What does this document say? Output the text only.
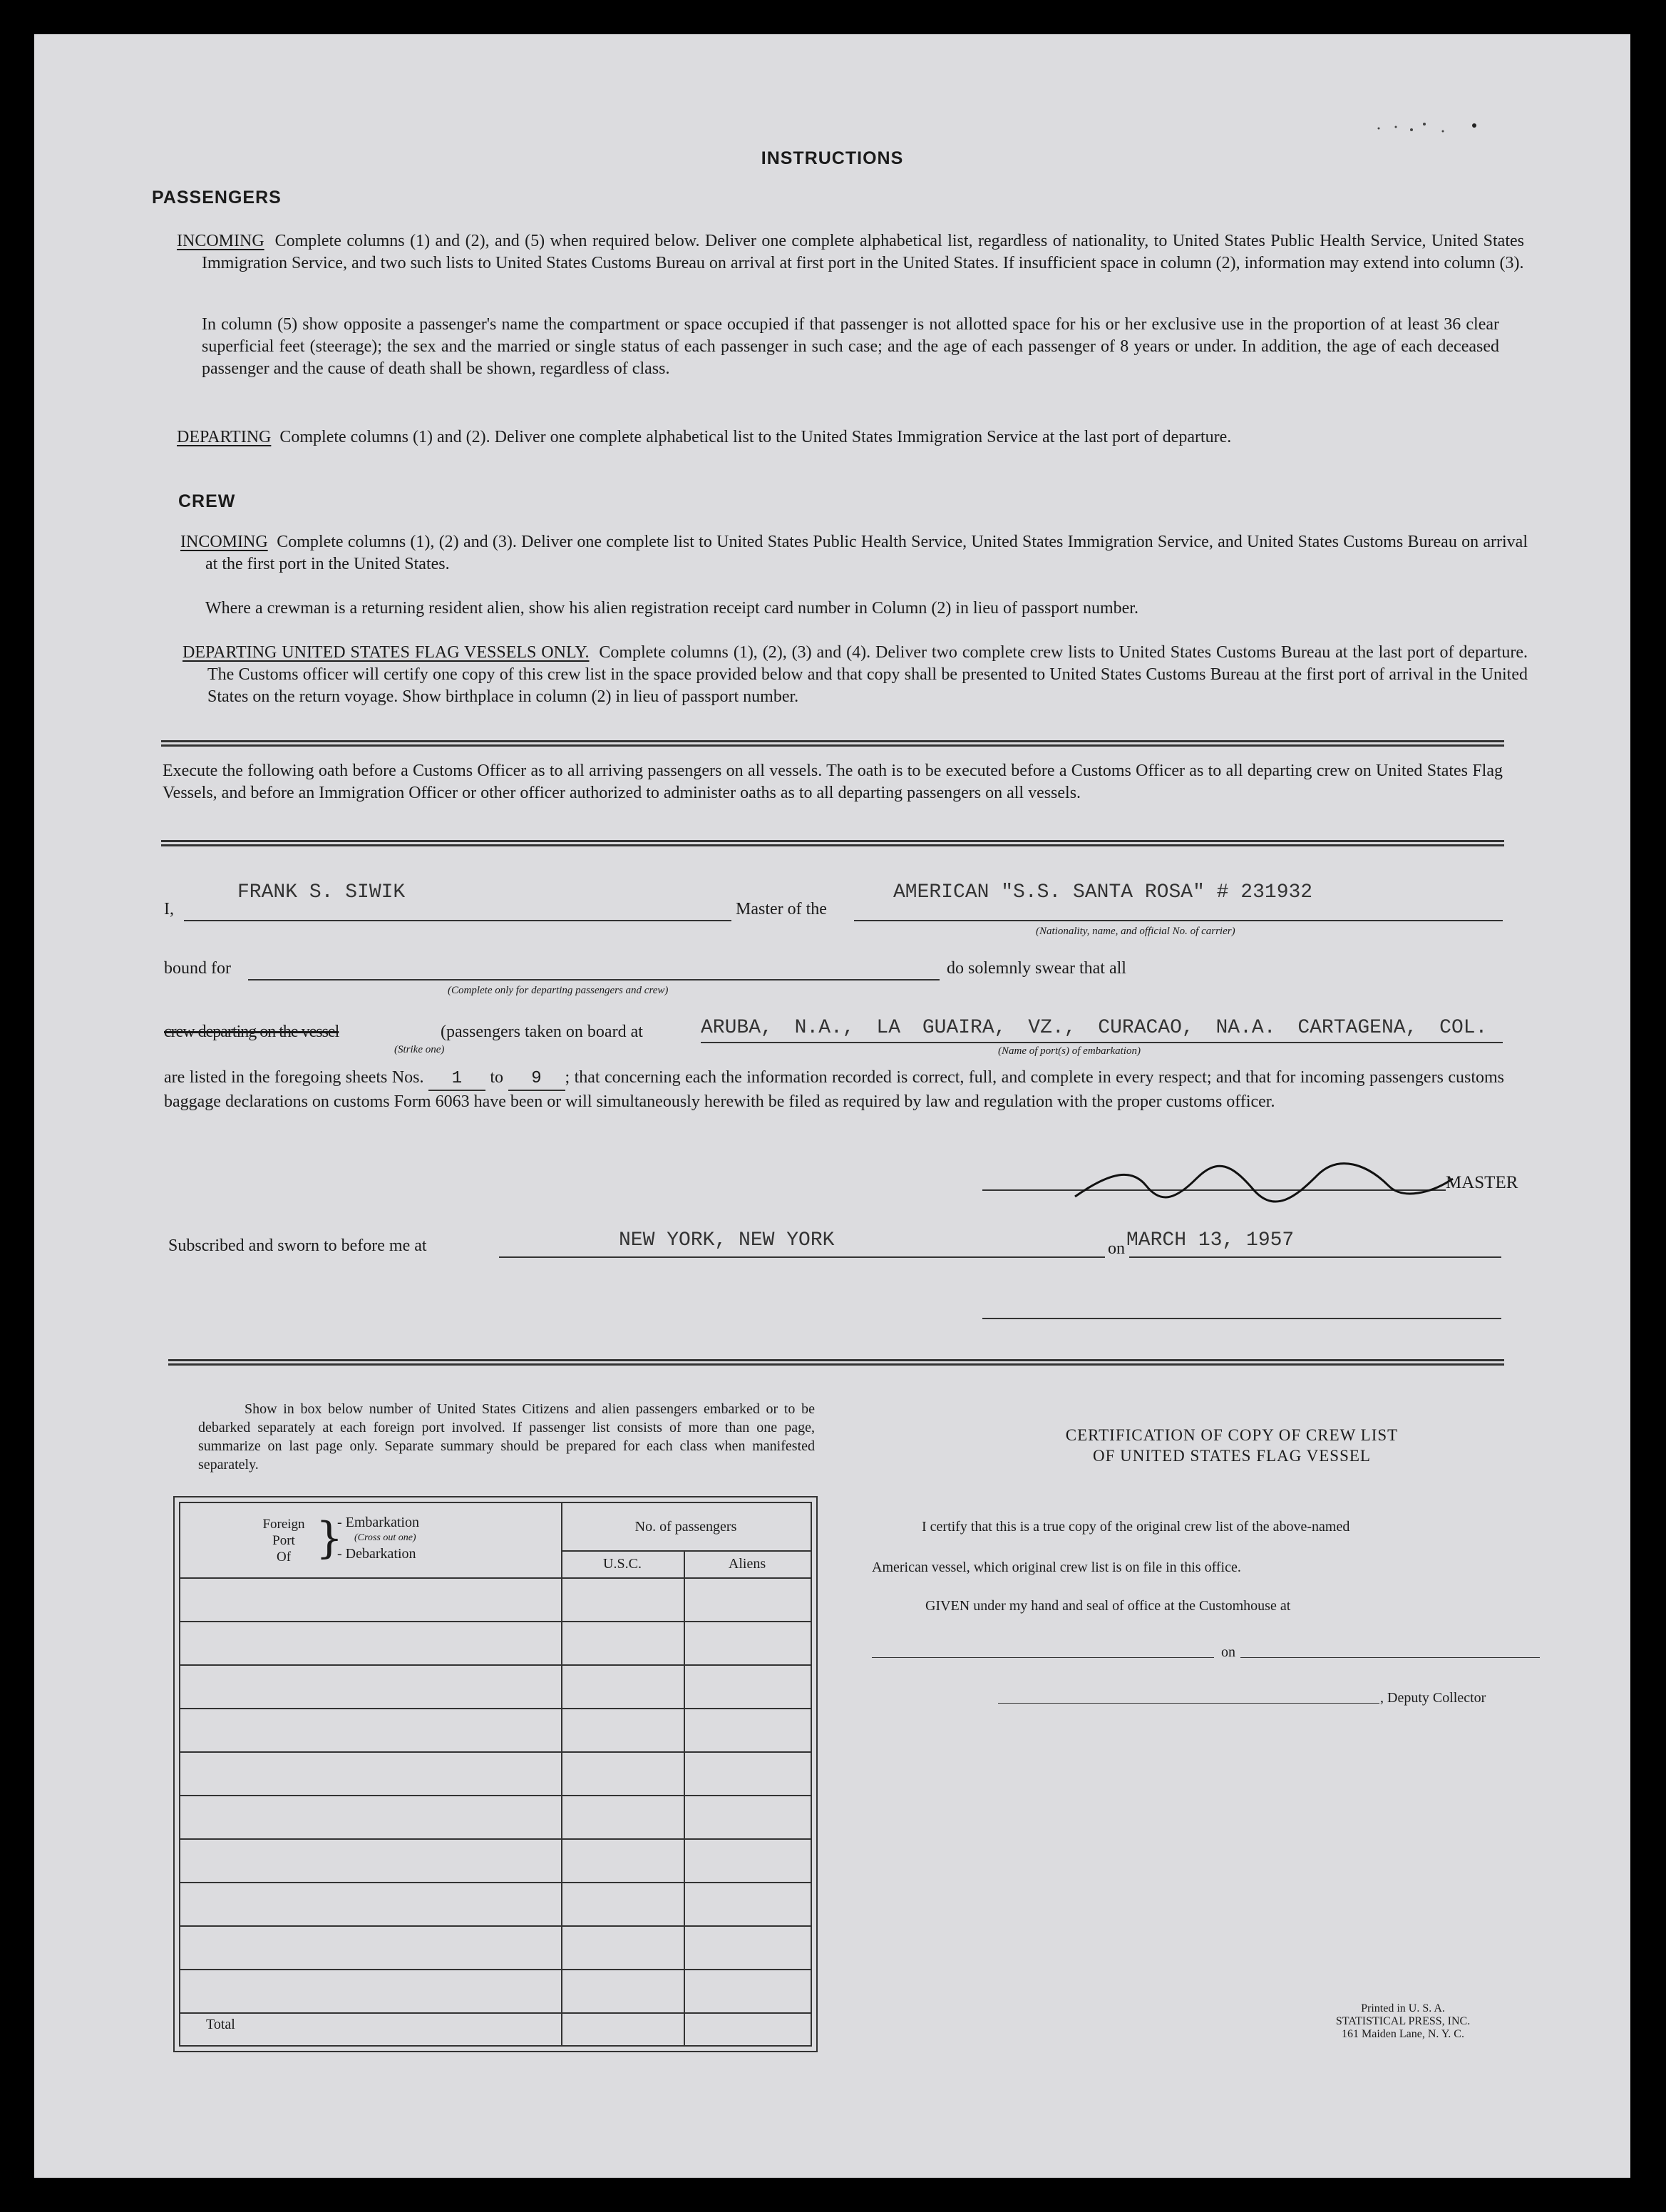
INSTRUCTIONS
PASSENGERS
INCOMING Complete columns (1) and (2), and (5) when required below. Deliver one complete alphabetical list, regardless of nationality, to United States Public Health Service, United States Immigration Service, and two such lists to United States Customs Bureau on arrival at first port in the United States. If insufficient space in column (2), information may extend into column (3).
In column (5) show opposite a passenger's name the compartment or space occupied if that passenger is not allotted space for his or her exclusive use in the proportion of at least 36 clear superficial feet (steerage); the sex and the married or single status of each passenger in such case; and the age of each passenger of 8 years or under. In addition, the age of each deceased passenger and the cause of death shall be shown, regardless of class.
DEPARTING Complete columns (1) and (2). Deliver one complete alphabetical list to the United States Immigration Service at the last port of departure.
CREW
INCOMING Complete columns (1), (2) and (3). Deliver one complete list to United States Public Health Service, United States Immigration Service, and United States Customs Bureau on arrival at the first port in the United States.
Where a crewman is a returning resident alien, show his alien registration receipt card number in Column (2) in lieu of passport number.
DEPARTING UNITED STATES FLAG VESSELS ONLY. Complete columns (1), (2), (3) and (4). Deliver two complete crew lists to United States Customs Bureau at the last port of departure. The Customs officer will certify one copy of this crew list in the space provided below and that copy shall be presented to United States Customs Bureau at the first port of arrival in the United States on the return voyage. Show birthplace in column (2) in lieu of passport number.
Execute the following oath before a Customs Officer as to all arriving passengers on all vessels. The oath is to be executed before a Customs Officer as to all departing crew on United States Flag Vessels, and before an Immigration Officer or other officer authorized to administer oaths as to all departing passengers on all vessels.
I,
FRANK S. SIWIK
Master of the
AMERICAN "S.S. SANTA ROSA" # 231932
(Nationality, name, and official No. of carrier)
bound for
(Complete only for departing passengers and crew)
do solemnly swear that all
crew departing on the vessel
(Strike one)
(passengers taken on board at	ARUBA, N.A., LA GUAIRA, VZ., CURACAO, NA.A. CARTAGENA, COL.
(Name of port(s) of embarkation)
are listed in the foregoing sheets Nos. 1 to 9 ; that concerning each the information recorded is correct, full, and complete in every respect; and that for incoming passengers customs baggage declarations on customs Form 6063 have been or will simultaneously herewith be filed as required by law and regulation with the proper customs officer.
MASTER
Subscribed and sworn to before me at	NEW YORK, NEW YORK	on MARCH 13, 1957
Show in box below number of United States Citizens and alien passengers embarked or to be debarked separately at each foreign port involved. If passenger list consists of more than one page, summarize on last page only. Separate summary should be prepared for each class when manifested separately.
Foreign
Port
Of }
- Embarkation
(Cross out one)
- Debarkation
No. of passengers
U.S.C.	Aliens
Total
CERTIFICATION OF COPY OF CREW LIST
OF UNITED STATES FLAG VESSEL
I certify that this is a true copy of the original crew list of the above-named
American vessel, which original crew list is on file in this office.
GIVEN under my hand and seal of office at the Customhouse at
on
, Deputy Collector
Printed in U. S. A.
STATISTICAL PRESS, INC.
161 Maiden Lane, N. Y. C.
